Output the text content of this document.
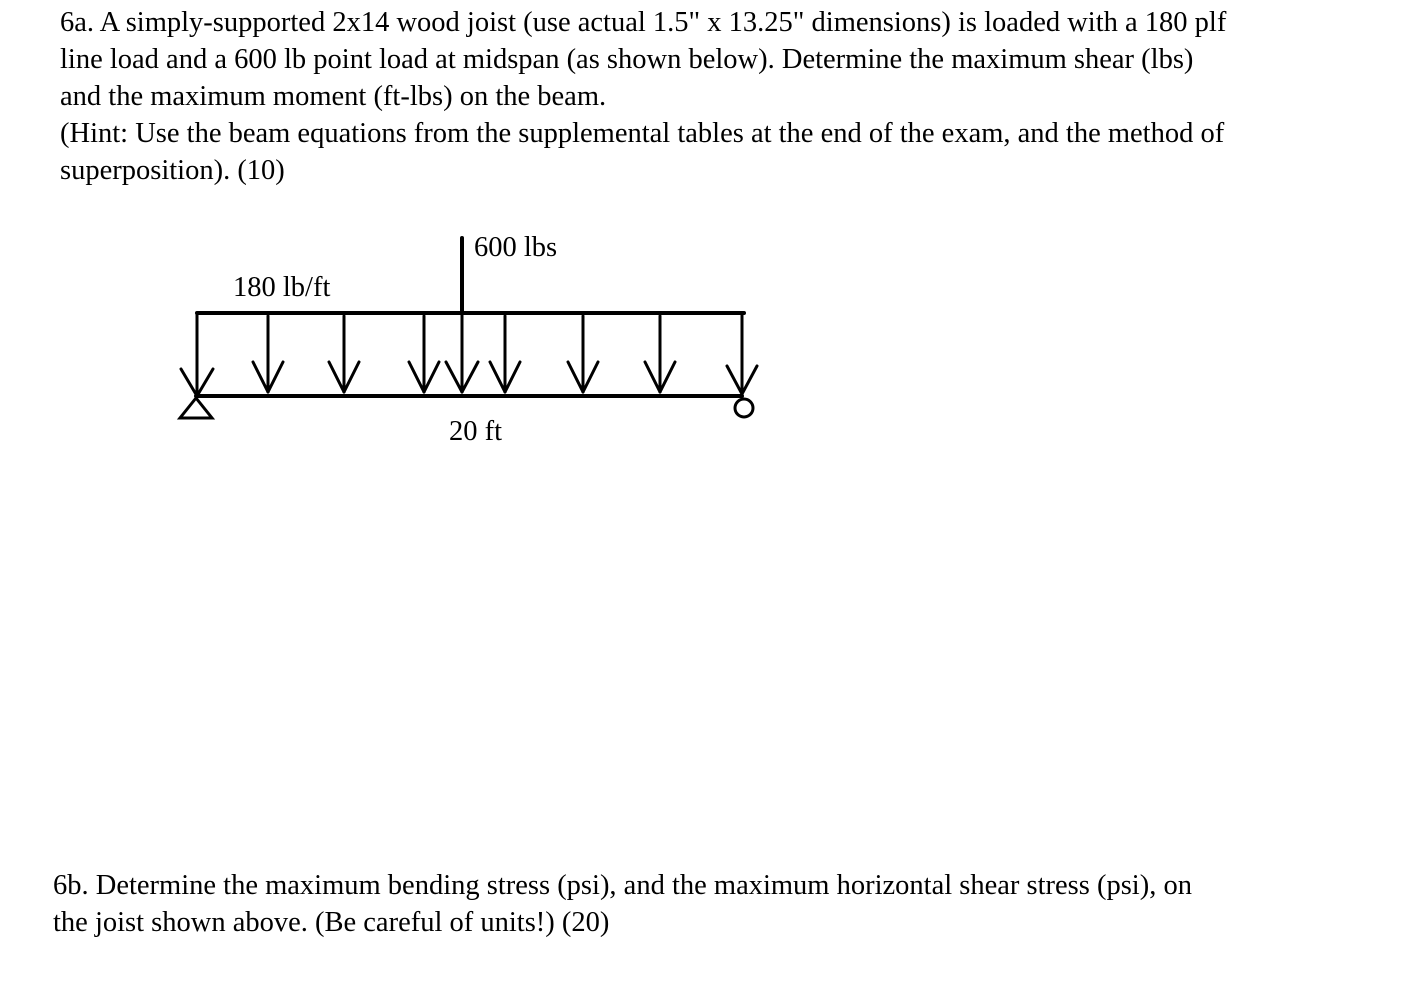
6a. A simply-supported 2x14 wood joist (use actual 1.5" x 13.25" dimensions) is loaded with a 180 plf
line load and a 600 lb point load at midspan (as shown below). Determine the maximum shear (lbs)
and the maximum moment (ft-lbs) on the beam.
(Hint: Use the beam equations from the supplemental tables at the end of the exam, and the method of
superposition). (10)
600 lbs
180 lb/ft
20 ft
6b. Determine the maximum bending stress (psi), and the maximum horizontal shear stress (psi), on
the joist shown above. (Be careful of units!) (20)
